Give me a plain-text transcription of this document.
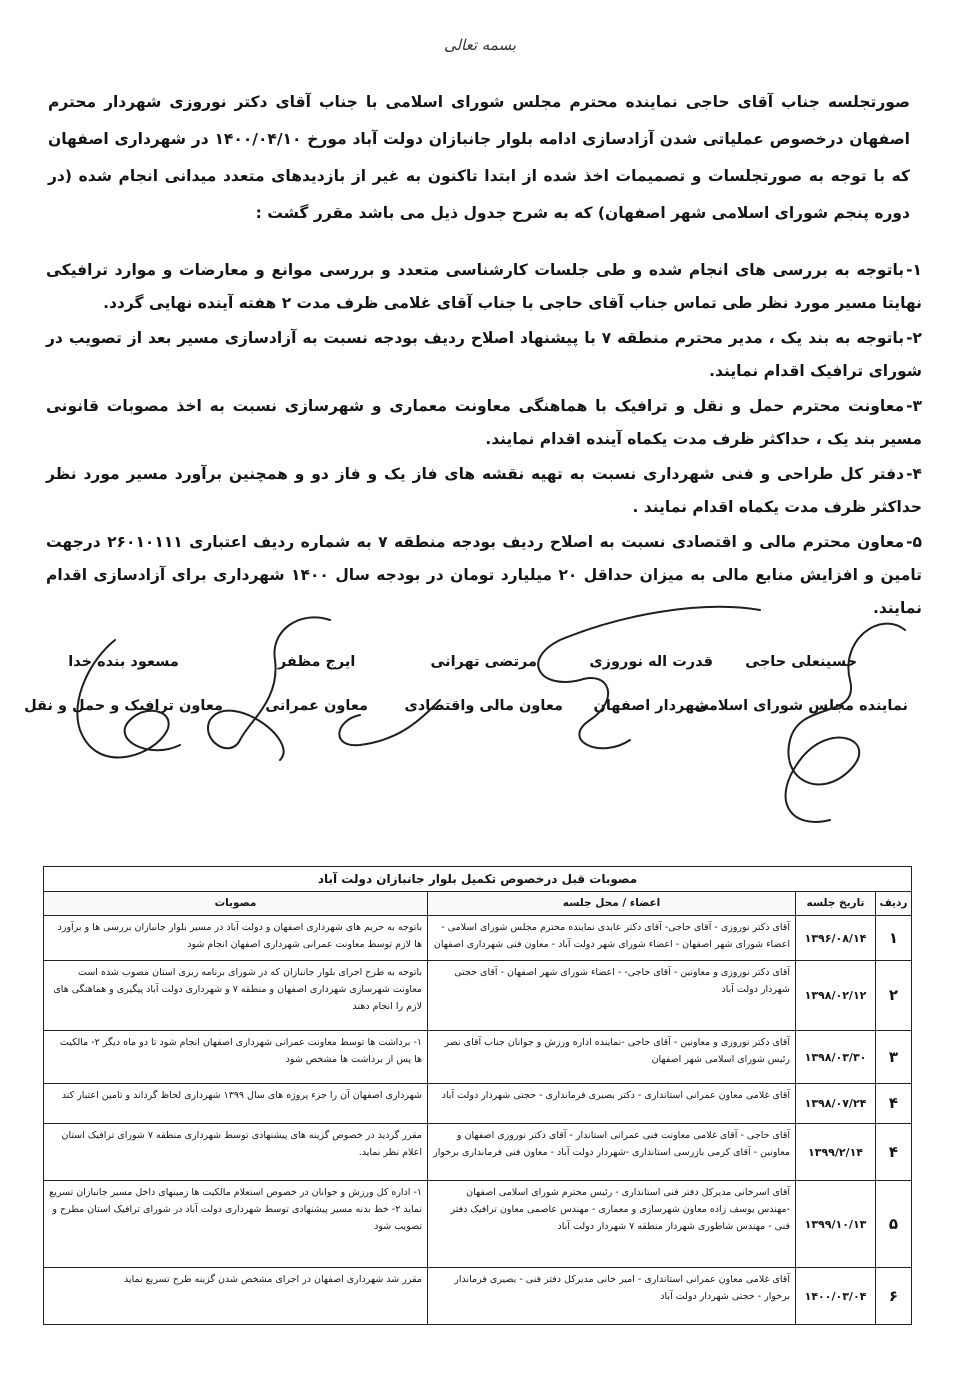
بسمه تعالی
صورتجلسه جناب آقای حاجی نماینده محترم مجلس شورای اسلامی با جناب آقای دکتر نوروزی شهردار محترم اصفهان درخصوص عملیاتی شدن آزادسازی ادامه بلوار جانبازان دولت آباد مورخ ۱۴۰۰/۰۴/۱۰ در شهرداری اصفهان که با توجه به صورتجلسات و تصمیمات اخذ شده از ابتدا تاکنون به غیر از بازدیدهای متعدد میدانی انجام شده (در دوره پنجم شورای اسلامی شهر اصفهان) که به شرح جدول ذیل می باشد مقرر گشت :
۱-باتوجه به بررسی های انجام شده و طی جلسات کارشناسی متعدد و بررسی موانع و معارضات و موارد ترافیکی نهایتا مسیر مورد نظر طی تماس جناب آقای حاجی با جناب آقای غلامی ظرف مدت ۲ هفته آینده نهایی گردد.
۲-باتوجه به بند یک ، مدیر محترم منطقه ۷ با پیشنهاد اصلاح ردیف بودجه نسبت به آزادسازی مسیر بعد از تصویب در شورای ترافیک اقدام نمایند.
۳-معاونت محترم حمل و نقل و ترافیک با هماهنگی معاونت معماری و شهرسازی نسبت به اخذ مصوبات قانونی مسیر بند یک ، حداکثر ظرف مدت یکماه آینده اقدام نمایند.
۴-دفتر کل طراحی و فنی شهرداری نسبت به تهیه نقشه های فاز یک و فاز دو و همچنین برآورد مسیر مورد نظر حداکثر ظرف مدت یکماه اقدام نمایند .
۵-معاون محترم مالی و اقتصادی نسبت به اصلاح ردیف بودجه منطقه ۷ به شماره ردیف اعتباری ۲۶۰۱۰۱۱۱ درجهت تامین و افزایش منابع مالی به میزان حداقل ۲۰ میلیارد تومان در بودجه سال ۱۴۰۰ شهرداری برای آزادسازی اقدام نمایند.
حسینعلی حاجی
نماینده مجلس شورای اسلامی
قدرت اله نوروزی
شهردار اصفهان
مرتضی تهرانی
معاون مالی واقتصادی
ایرج مظفر
معاون عمرانی
مسعود بنده خدا
معاون ترافیک و حمل و نقل
مصوبات قبل درخصوص تکمیل بلوار جانبازان دولت آباد
ردیف	تاریخ جلسه	اعضاء / محل جلسه	مصوبات
۱	۱۳۹۶/۰۸/۱۴	آقای دکتر نوروزی - آقای حاجی- آقای دکتر عابدی نماینده محترم مجلس شورای اسلامی - اعضاء شورای شهر اصفهان - اعضاء شورای شهر دولت آباد - معاون فنی شهرداری اصفهان	باتوجه به حریم های شهرداری اصفهان و دولت آباد در مسیر بلوار جانبازان بررسی ها و برآورد ها لازم توسط معاونت عمرانی شهرداری اصفهان انجام شود
۲	۱۳۹۸/۰۲/۱۲	آقای دکتر نوروزی و معاونین - آقای حاجی- - اعضاء شورای شهر اصفهان - آقای حجتی شهردار دولت آباد	باتوجه به طرح اجرای بلوار جانبازان که در شورای برنامه ریزی استان مصوب شده است معاونت شهرسازی شهرداری اصفهان و منطقه ۷ و شهرداری دولت آباد پیگیری و هماهنگی های لازم را انجام دهند
۳	۱۳۹۸/۰۳/۳۰	آقای دکتر نوروزی و معاونین - آقای حاجی -نماینده اداره ورزش و جوانان جناب آقای نصر رئیس شورای اسلامی شهر اصفهان	۱- برداشت ها توسط معاونت عمرانی شهرداری اصفهان انجام شود تا دو ماه دیگر ۲- مالکیت ها پس از برداشت ها مشخص شود
۴	۱۳۹۸/۰۷/۲۴	آقای غلامی معاون عمرانی استانداری - دکتر بصیری فرمانداری - حجتی شهردار دولت آباد	شهرداری اصفهان آن را جزء پروژه های سال ۱۳۹۹ شهرداری لحاظ گرداند و تامین اعتبار کند
۴	۱۳۹۹/۲/۱۴	آقای حاجی - آقای غلامی معاونت فنی عمرانی استاندار - آقای دکتر نوروزی اصفهان و معاونین - آقای کرمی بازرسی استانداری -شهردار دولت آباد - معاون فنی فرمانداری برخوار	مقرر گردید در خصوص گزینه های پیشنهادی توسط شهرداری منطقه ۷ شورای ترافیک استان اعلام نظر نماید.
۵	۱۳۹۹/۱۰/۱۳	آقای اسرخانی مدیرکل دفتر فنی استانداری - رئیس محترم شورای اسلامی اصفهان -مهندس یوسف زاده معاون شهرسازی و معماری - مهندس عاصمی معاون ترافیک دفتر فنی - مهندس شاطوری شهردار منطقه ۷ شهردار دولت آباد	۱- اداره کل ورزش و جوانان در خصوص استعلام مالکیت ها زمینهای داخل مسیر جانبازان تسریع نماید ۲- خط بدنه مسیر پیشنهادی توسط شهرداری دولت آباد در شورای ترافیک استان مطرح و تصویب شود
۶	۱۴۰۰/۰۳/۰۴	آقای غلامی معاون عمرانی استانداری - امیر خانی مدیرکل دفتر فنی - بصیری فرماندار برخوار - حجتی شهردار دولت آباد	مقرر شد شهرداری اصفهان در اجرای مشخص شدن گزینه طرح تسریع نماید
